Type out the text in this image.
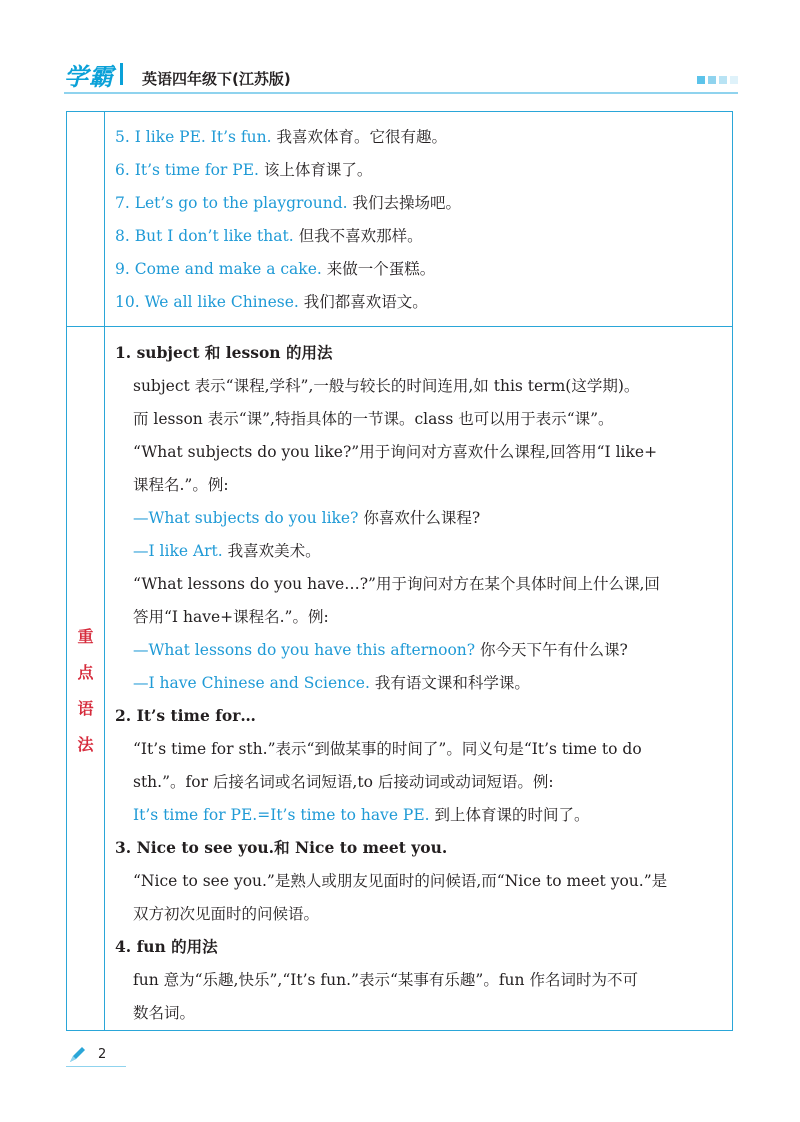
学霸 英语四年级下(江苏版)
5. I like PE. It’s fun. 我喜欢体育。它很有趣。
6. It’s time for PE. 该上体育课了。
7. Let’s go to the playground. 我们去操场吧。
8. But I don’t like that. 但我不喜欢那样。
9. Come and make a cake. 来做一个蛋糕。
10. We all like Chinese. 我们都喜欢语文。
重
点
语
法
1. subject 和 lesson 的用法
subject 表示“课程,学科”,一般与较长的时间连用,如 this term(这学期)。
而 lesson 表示“课”,特指具体的一节课。class 也可以用于表示“课”。
“What subjects do you like?”用于询问对方喜欢什么课程,回答用“I like+
课程名.”。例:
—What subjects do you like? 你喜欢什么课程?
—I like Art. 我喜欢美术。
“What lessons do you have…?”用于询问对方在某个具体时间上什么课,回
答用“I have+课程名.”。例:
—What lessons do you have this afternoon? 你今天下午有什么课?
—I have Chinese and Science. 我有语文课和科学课。
2. It’s time for…
“It’s time for sth.”表示“到做某事的时间了”。同义句是“It’s time to do
sth.”。for 后接名词或名词短语,to 后接动词或动词短语。例:
It’s time for PE.=It’s time to have PE. 到上体育课的时间了。
3. Nice to see you.和 Nice to meet you.
“Nice to see you.”是熟人或朋友见面时的问候语,而“Nice to meet you.”是
双方初次见面时的问候语。
4. fun 的用法
fun 意为“乐趣,快乐”,“It’s fun.”表示“某事有乐趣”。fun 作名词时为不可
数名词。
2
